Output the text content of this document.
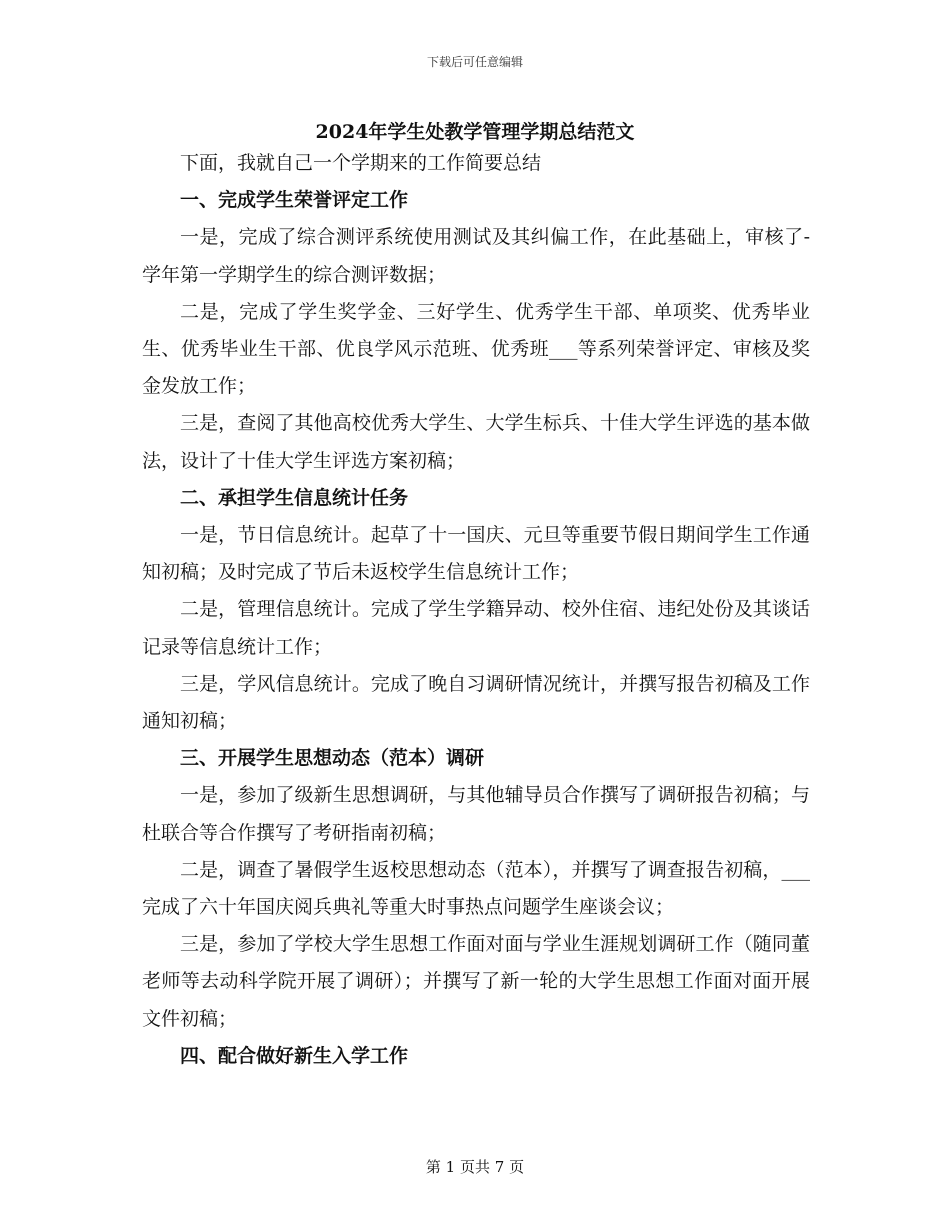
下载后可任意编辑
2024年学生处教学管理学期总结范文

下面，我就自己一个学期来的工作简要总结

一、完成学生荣誉评定工作

一是，完成了综合测评系统使用测试及其纠偏工作，在此基础上，审核了-学年第一学期学生的综合测评数据；

二是，完成了学生奖学金、三好学生、优秀学生干部、单项奖、优秀毕业生、优秀毕业生干部、优良学风示范班、优秀班___等系列荣誉评定、审核及奖金发放工作；

三是，查阅了其他高校优秀大学生、大学生标兵、十佳大学生评选的基本做法，设计了十佳大学生评选方案初稿；

二、承担学生信息统计任务

一是，节日信息统计。起草了十一国庆、元旦等重要节假日期间学生工作通知初稿；及时完成了节后未返校学生信息统计工作；

二是，管理信息统计。完成了学生学籍异动、校外住宿、违纪处份及其谈话记录等信息统计工作；

三是，学风信息统计。完成了晚自习调研情况统计，并撰写报告初稿及工作通知初稿；

三、开展学生思想动态（范本）调研

一是，参加了级新生思想调研，与其他辅导员合作撰写了调研报告初稿；与杜联合等合作撰写了考研指南初稿；

二是，调查了暑假学生返校思想动态（范本），并撰写了调查报告初稿，___完成了六十年国庆阅兵典礼等重大时事热点问题学生座谈会议；

三是，参加了学校大学生思想工作面对面与学业生涯规划调研工作（随同董老师等去动科学院开展了调研）；并撰写了新一轮的大学生思想工作面对面开展文件初稿；

四、配合做好新生入学工作

第 1 页共 7 页
